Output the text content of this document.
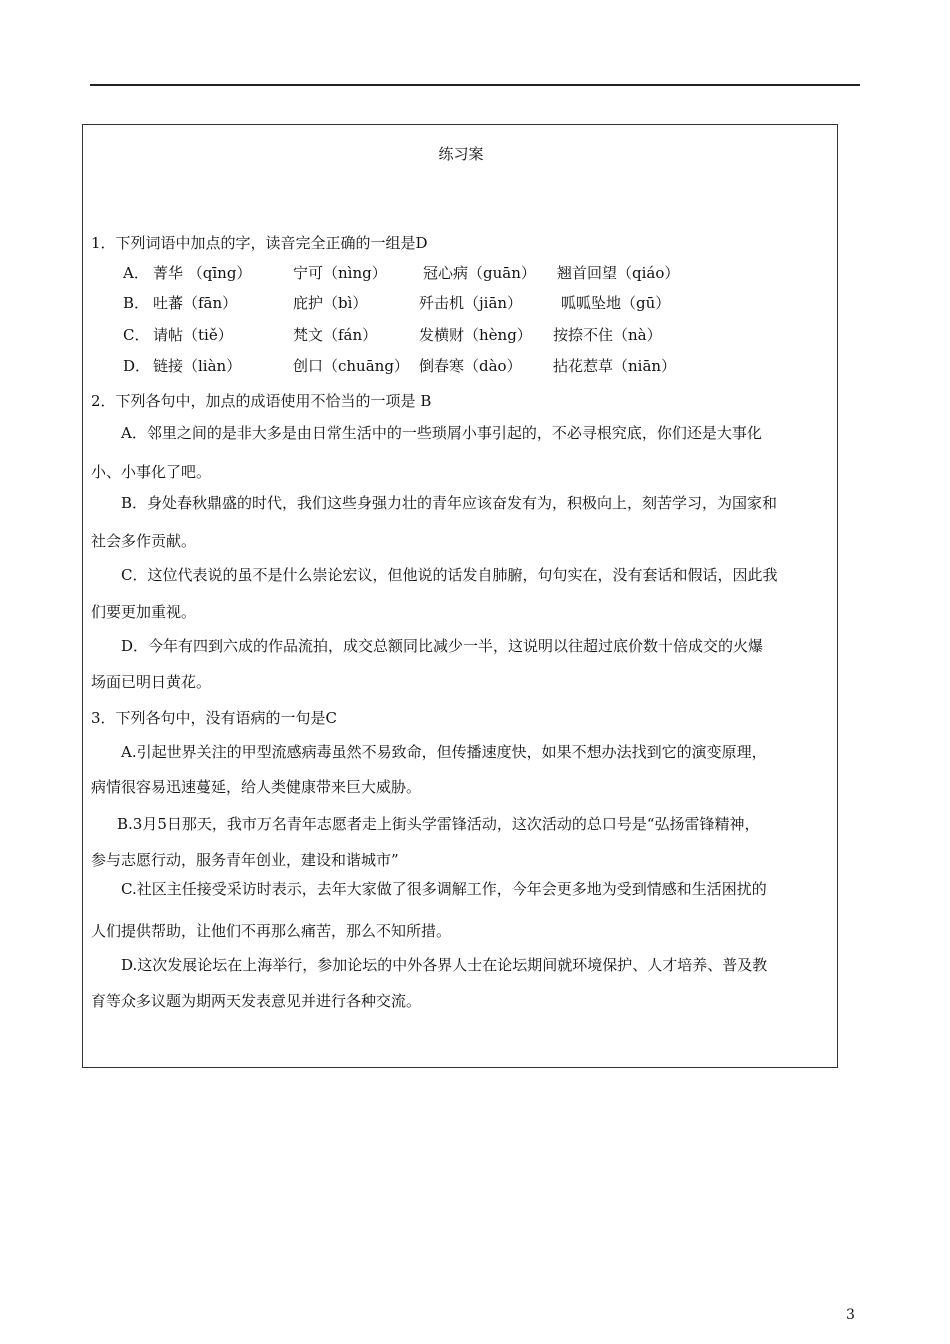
练习案
1．下列词语中加点的字，读音完全正确的一组是D
A． 菁华 （qīng）	宁可（nìng） 冠心病（guān） 翘首回望（qiáo）
B． 吐蕃（fān）	庇护（bì）	歼击机（jiān）	呱呱坠地（gū）
C． 请帖（tiě）	梵文（fán）	发横财（hèng） 按捺不住（nà）
D． 链接（liàn）	创口（chuāng） 倒春寒（dào） 拈花惹草（niān）
2．下列各句中，加点的成语使用不恰当的一项是 B
A．邻里之间的是非大多是由日常生活中的一些琐屑小事引起的，不必寻根究底，你们还是大事化
小、小事化了吧。
B．身处春秋鼎盛的时代，我们这些身强力壮的青年应该奋发有为，积极向上，刻苦学习，为国家和
社会多作贡献。
C．这位代表说的虽不是什么崇论宏议，但他说的话发自肺腑，句句实在，没有套话和假话，因此我
们要更加重视。
D．今年有四到六成的作品流拍，成交总额同比减少一半，这说明以往超过底价数十倍成交的火爆
场面已明日黄花。
3．下列各句中，没有语病的一句是C
A.引起世界关注的甲型流感病毒虽然不易致命，但传播速度快，如果不想办法找到它的演变原理，
病情很容易迅速蔓延，给人类健康带来巨大威胁。
B.3月5日那天，我市万名青年志愿者走上街头学雷锋活动，这次活动的总口号是“弘扬雷锋精神，
参与志愿行动，服务青年创业，建设和谐城市”
C.社区主任接受采访时表示，去年大家做了很多调解工作，今年会更多地为受到情感和生活困扰的
人们提供帮助，让他们不再那么痛苦，那么不知所措。
D.这次发展论坛在上海举行，参加论坛的中外各界人士在论坛期间就环境保护、人才培养、普及教
育等众多议题为期两天发表意见并进行各种交流。
3
